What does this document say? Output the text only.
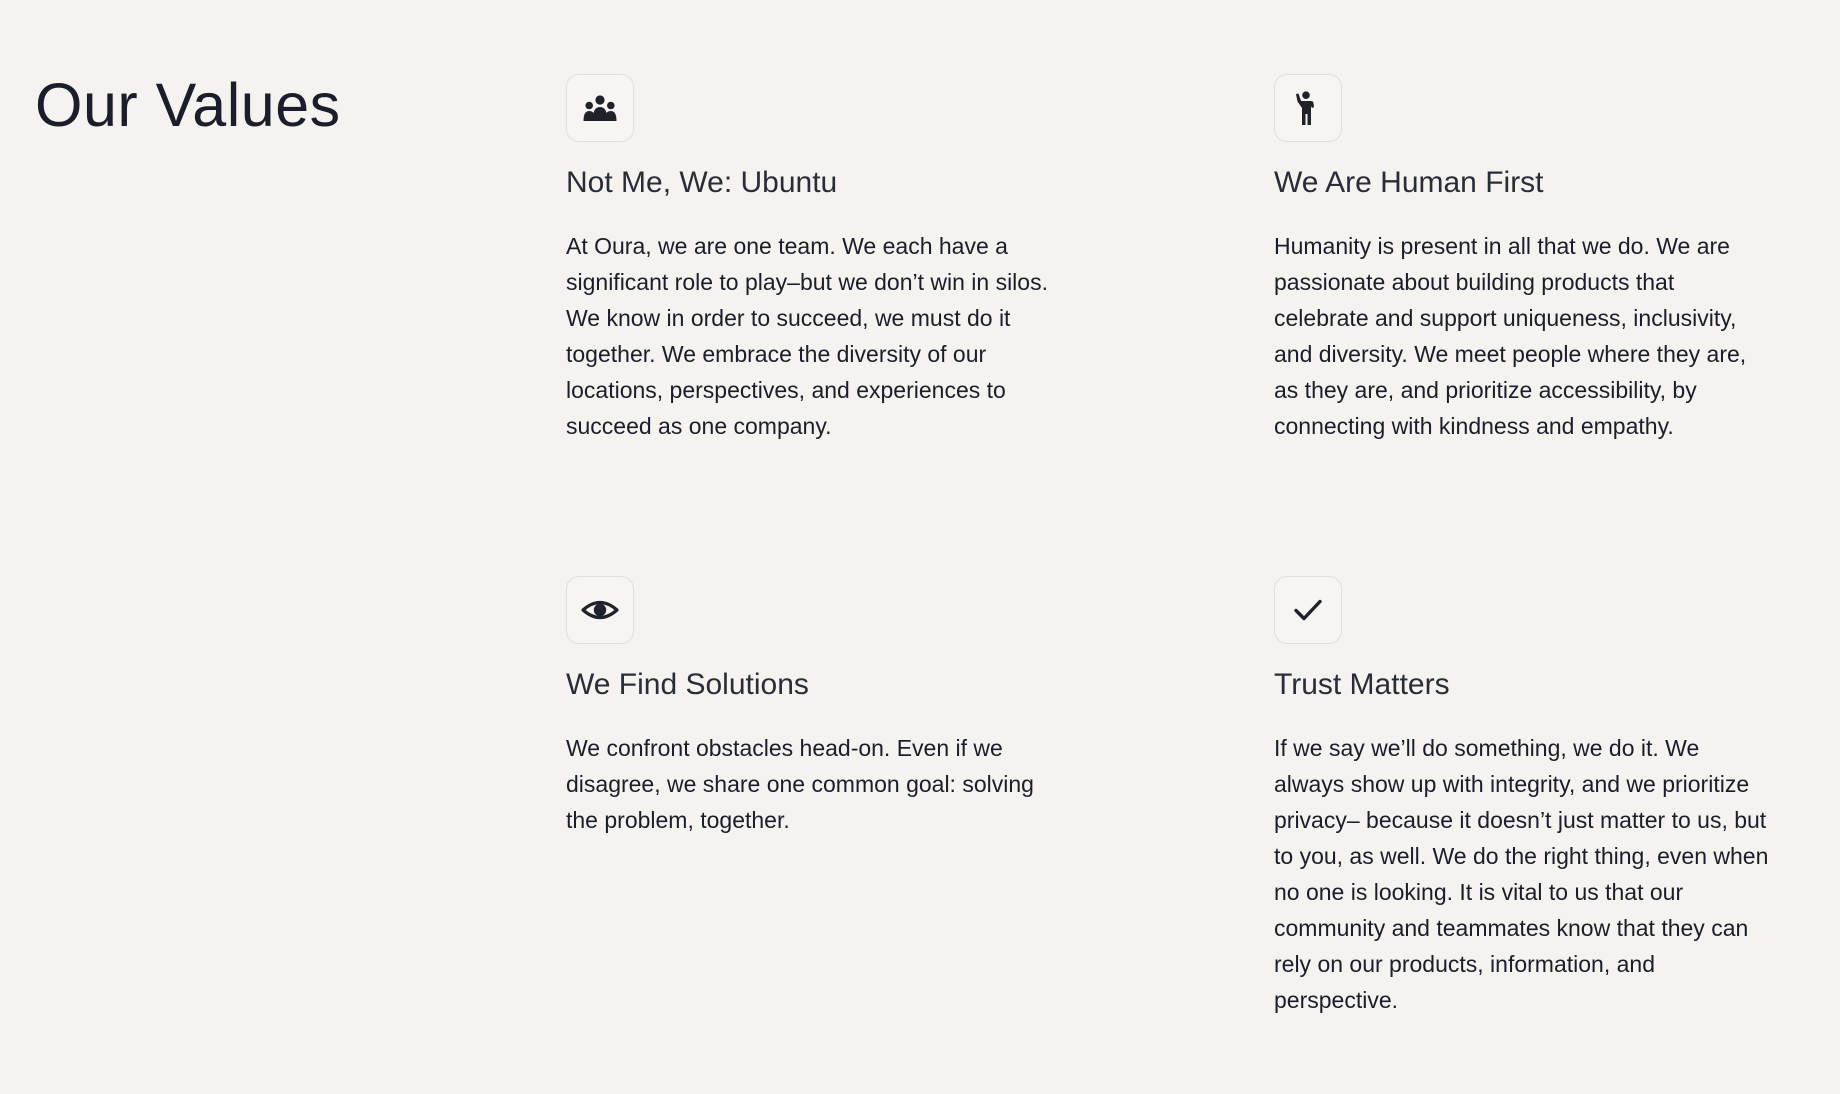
Our Values
Not Me, We: Ubuntu

At Oura, we are one team. We each have a significant role to play–but we don’t win in silos. We know in order to succeed, we must do it together. We embrace the diversity of our locations, perspectives, and experiences to succeed as one company.

We Are Human First

Humanity is present in all that we do. We are passionate about building products that celebrate and support uniqueness, inclusivity, and diversity. We meet people where they are, as they are, and prioritize accessibility, by connecting with kindness and empathy.

We Find Solutions

We confront obstacles head-on. Even if we disagree, we share one common goal: solving the problem, together.

Trust Matters

If we say we’ll do something, we do it. We always show up with integrity, and we prioritize privacy– because it doesn’t just matter to us, but to you, as well. We do the right thing, even when no one is looking. It is vital to us that our community and teammates know that they can rely on our products, information, and perspective.
